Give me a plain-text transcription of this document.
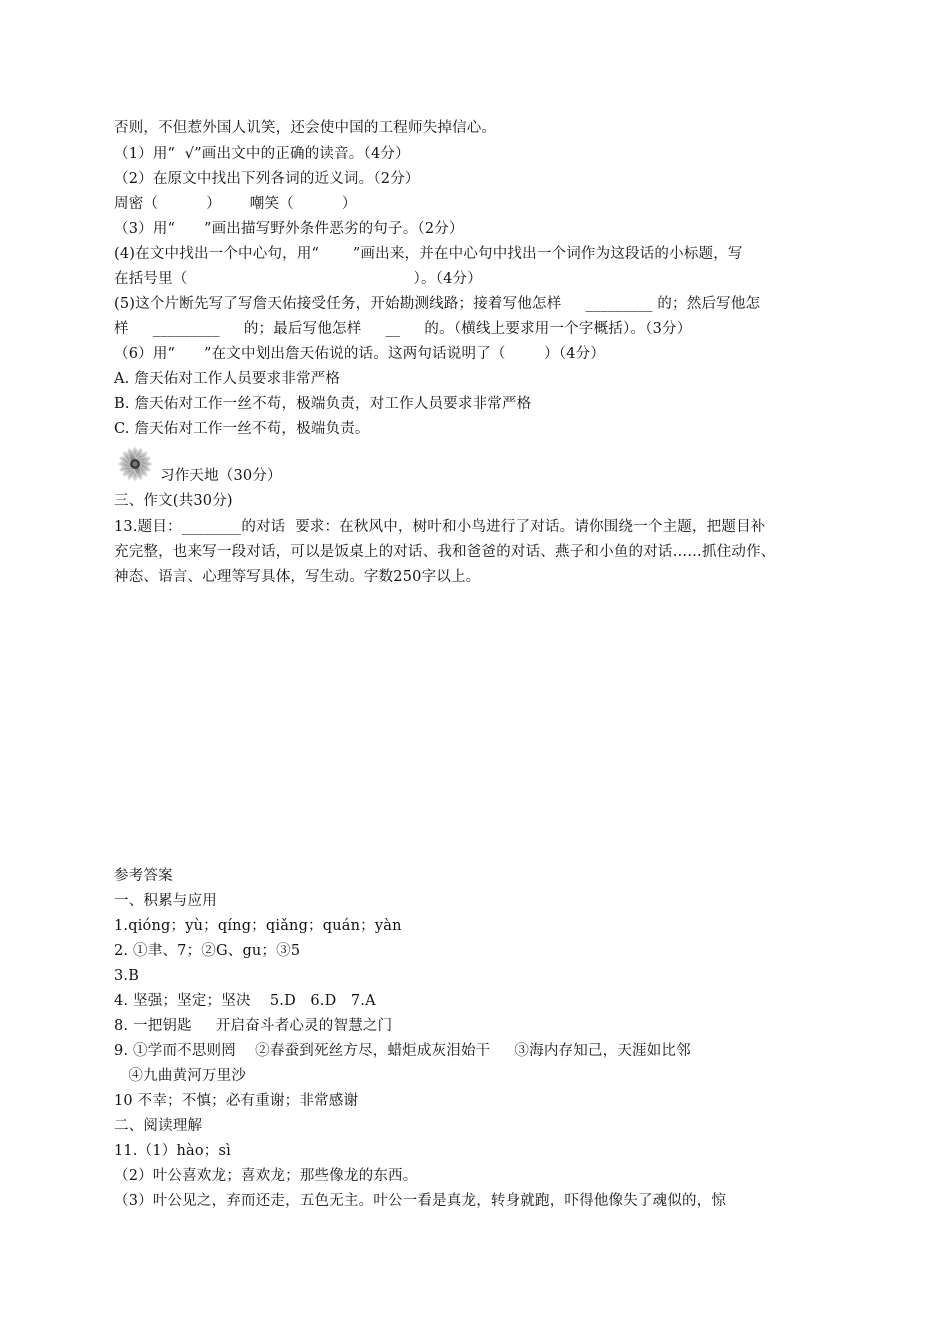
否则，不但惹外国人讥笑，还会使中国的工程师失掉信心。
（1）用“  √”画出文中的正确的读音。（4分）
（2）在原文中找出下列各词的近义词。（2分）
周密（          ）      嘲笑（          ）
（3）用“      ”画出描写野外条件恶劣的句子。（2分）
(4)在文中找出一个中心句，用“       ”画出来，并在中心句中找出一个词作为这段话的小标题，写
在括号里（                                               ）。（4分）
(5)这个片断先写了写詹天佑接受任务，开始勘测线路；接着写他怎样     _________ 的；然后写他怎
样     _________     的；最后写他怎样     __     的。（横线上要求用一个字概括）。（3分）
（6）用“      ”在文中划出詹天佑说的话。这两句话说明了（        ）（4分）
A. 詹天佑对工作人员要求非常严格
B. 詹天佑对工作一丝不苟，极端负责，对工作人员要求非常严格
C. 詹天佑对工作一丝不苟，极端负责。
习作天地（30分）
三、作文(共30分)
13.题目：________的对话  要求：在秋风中，树叶和小鸟进行了对话。请你围绕一个主题，把题目补
充完整，也来写一段对话，可以是饭桌上的对话、我和爸爸的对话、燕子和小鱼的对话……抓住动作、
神态、语言、心理等写具体，写生动。字数250字以上。
参考答案
一、积累与应用
1.qióng；yù；qíng；qiǎng；quán；yàn
2. ①聿、7；②G、gu；③5
3.B
4. 坚强；坚定；坚决    5.D   6.D   7.A
8. 一把钥匙     开启奋斗者心灵的智慧之门
9. ①学而不思则罔    ②春蚕到死丝方尽，蜡炬成灰泪始干     ③海内存知己，天涯如比邻
④九曲黄河万里沙
10 不幸；不慎；必有重谢；非常感谢
二、阅读理解
11.（1）hào；sì
（2）叶公喜欢龙；喜欢龙；那些像龙的东西。
（3）叶公见之，弃而还走，五色无主。叶公一看是真龙，转身就跑，吓得他像失了魂似的，惊
